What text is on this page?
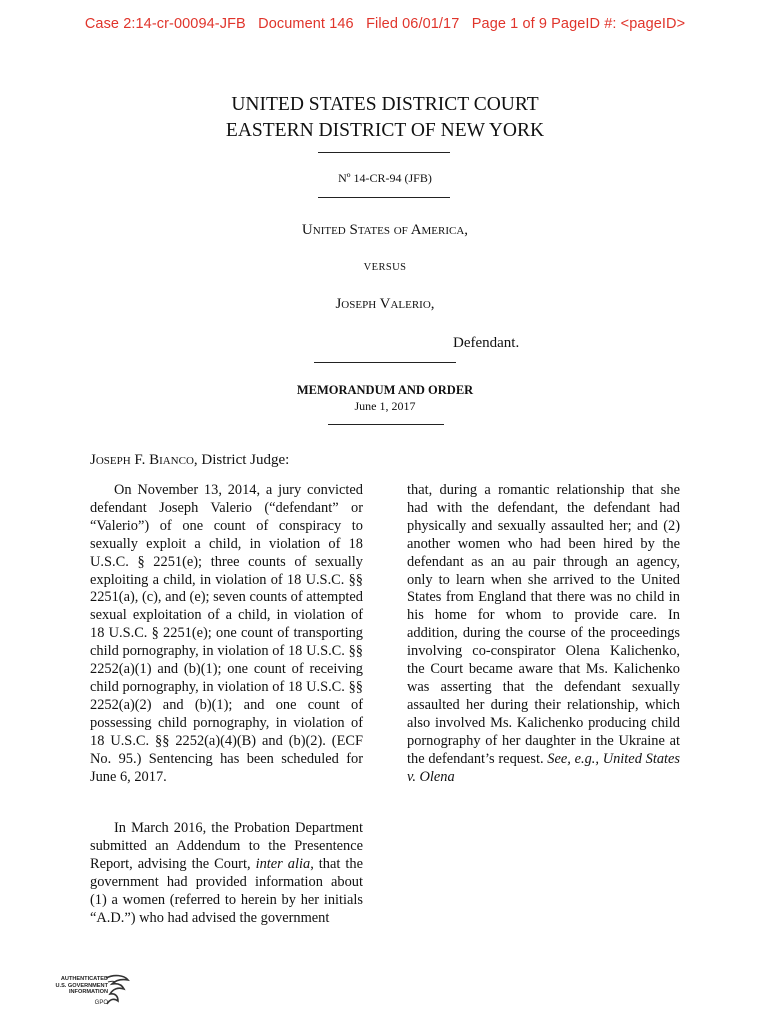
Case 2:14-cr-00094-JFB   Document 146   Filed 06/01/17   Page 1 of 9 PageID #: <pageID>
UNITED STATES DISTRICT COURT
EASTERN DISTRICT OF NEW YORK
Nº 14-CR-94 (JFB)
United States of America,
VERSUS
Joseph Valerio,
Defendant.
MEMORANDUM AND ORDER
June 1, 2017
Joseph F. Bianco, District Judge:

On November 13, 2014, a jury convicted defendant Joseph Valerio (“defendant” or “Valerio”) of one count of conspiracy to sexually exploit a child, in violation of 18 U.S.C. § 2251(e); three counts of sexually exploiting a child, in violation of 18 U.S.C. §§ 2251(a), (c), and (e); seven counts of attempted sexual exploitation of a child, in violation of 18 U.S.C. § 2251(e); one count of transporting child pornography, in violation of 18 U.S.C. §§ 2252(a)(1) and (b)(1); one count of receiving child pornography, in violation of 18 U.S.C. §§ 2252(a)(2) and (b)(1); and one count of possessing child pornography, in violation of 18 U.S.C. §§ 2252(a)(4)(B) and (b)(2). (ECF No. 95.) Sentencing has been scheduled for June 6, 2017.

In March 2016, the Probation Department submitted an Addendum to the Presentence Report, advising the Court, inter alia, that the government had provided information about (1) a women (referred to herein by her initials “A.D.”) who had advised the government

that, during a romantic relationship that she had with the defendant, the defendant had physically and sexually assaulted her; and (2) another women who had been hired by the defendant as an au pair through an agency, only to learn when she arrived to the United States from England that there was no child in his home for whom to provide care. In addition, during the course of the proceedings involving co-conspirator Olena Kalichenko, the Court became aware that Ms. Kalichenko was asserting that the defendant sexually assaulted her during their relationship, which also involved Ms. Kalichenko producing child pornography of her daughter in the Ukraine at the defendant’s request. See, e.g., United States v. Olena

AUTHENTICATED
U.S. GOVERNMENT
INFORMATION
GPO
